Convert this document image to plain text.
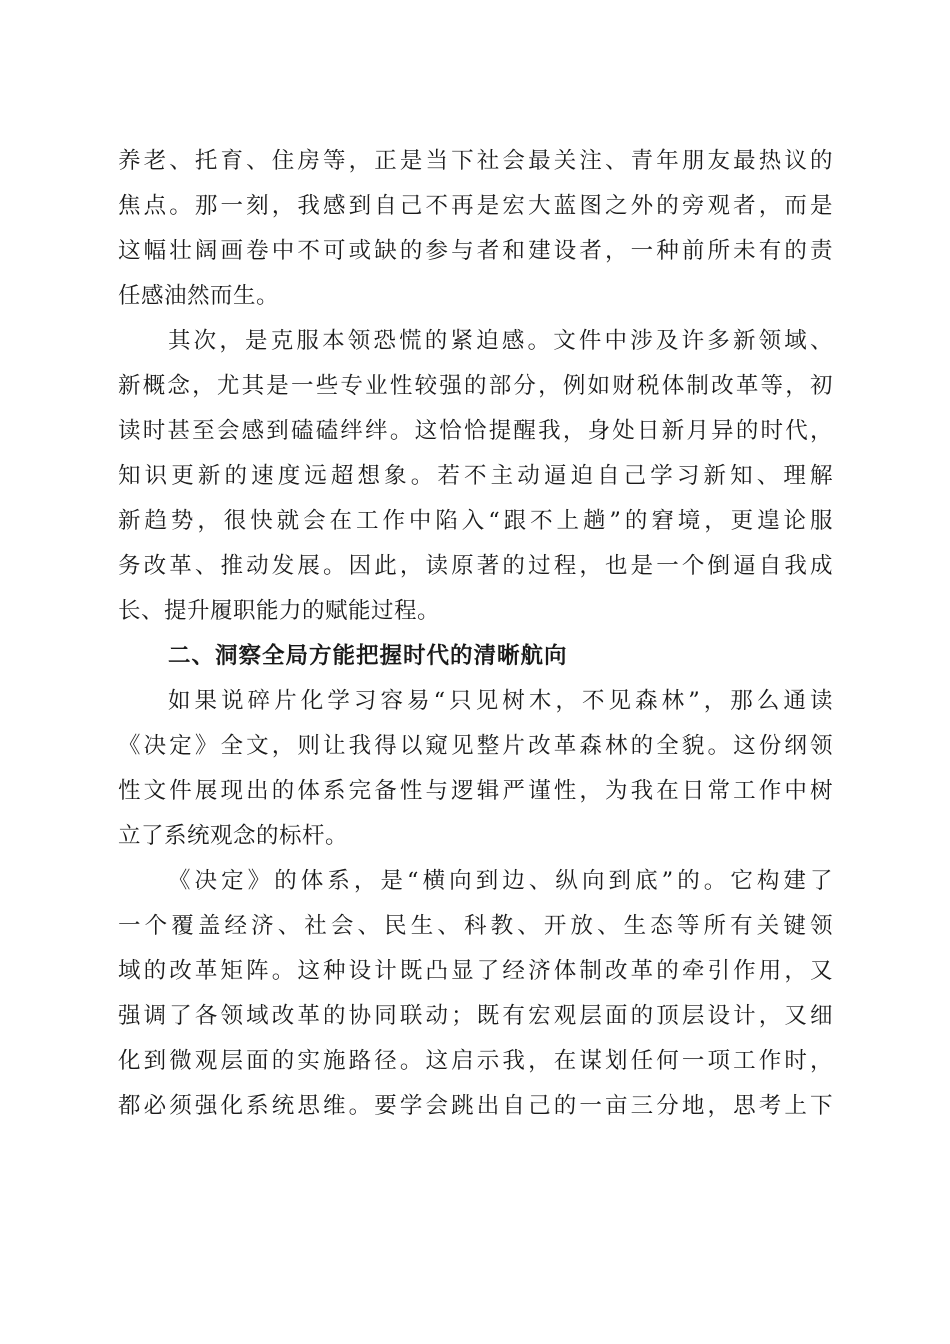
养老、托育、住房等，正是当下社会最关注、青年朋友最热议的
焦点。那一刻，我感到自己不再是宏大蓝图之外的旁观者，而是
这幅壮阔画卷中不可或缺的参与者和建设者，一种前所未有的责
任感油然而生。
其次，是克服本领恐慌的紧迫感。文件中涉及许多新领域、
新概念，尤其是一些专业性较强的部分，例如财税体制改革等，初
读时甚至会感到磕磕绊绊。这恰恰提醒我，身处日新月异的时代，
知识更新的速度远超想象。若不主动逼迫自己学习新知、理解
新趋势，很快就会在工作中陷入“跟不上趟”的窘境，更遑论服
务改革、推动发展。因此，读原著的过程，也是一个倒逼自我成
长、提升履职能力的赋能过程。
二、洞察全局方能把握时代的清晰航向
如果说碎片化学习容易“只见树木，不见森林”，那么通读
《决定》全文，则让我得以窥见整片改革森林的全貌。这份纲领
性文件展现出的体系完备性与逻辑严谨性，为我在日常工作中树
立了系统观念的标杆。
《决定》的体系，是“横向到边、纵向到底”的。它构建了
一个覆盖经济、社会、民生、科教、开放、生态等所有关键领
域的改革矩阵。这种设计既凸显了经济体制改革的牵引作用，又
强调了各领域改革的协同联动；既有宏观层面的顶层设计，又细
化到微观层面的实施路径。这启示我，在谋划任何一项工作时，
都必须强化系统思维。要学会跳出自己的一亩三分地，思考上下
